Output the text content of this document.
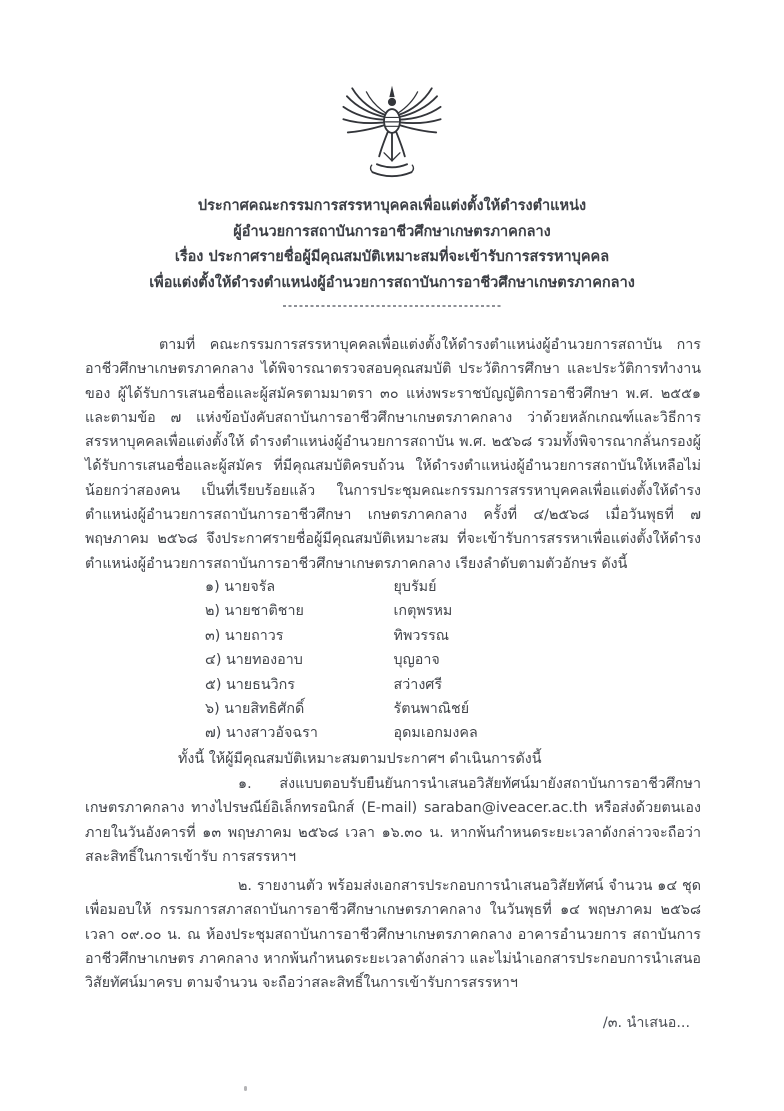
ประกาศคณะกรรมการสรรหาบุคคลเพื่อแต่งตั้งให้ดำรงตำแหน่ง
ผู้อำนวยการสถาบันการอาชีวศึกษาเกษตรภาคกลาง
เรื่อง ประกาศรายชื่อผู้มีคุณสมบัติเหมาะสมที่จะเข้ารับการสรรหาบุคคล
เพื่อแต่งตั้งให้ดำรงตำแหน่งผู้อำนวยการสถาบันการอาชีวศึกษาเกษตรภาคกลาง
ตามที่ คณะกรรมการสรรหาบุคคลเพื่อแต่งตั้งให้ดำรงตำแหน่งผู้อำนวยการสถาบัน การอาชีวศึกษาเกษตรภาคกลาง ได้พิจารณาตรวจสอบคุณสมบัติ ประวัติการศึกษา และประวัติการทำงานของ ผู้ได้รับการเสนอชื่อและผู้สมัครตามมาตรา ๓๐ แห่งพระราชบัญญัติการอาชีวศึกษา พ.ศ. ๒๕๕๑ และตามข้อ ๗ แห่งข้อบังคับสถาบันการอาชีวศึกษาเกษตรภาคกลาง ว่าด้วยหลักเกณฑ์และวิธีการสรรหาบุคคลเพื่อแต่งตั้งให้ ดำรงตำแหน่งผู้อำนวยการสถาบัน พ.ศ. ๒๕๖๘ รวมทั้งพิจารณากลั่นกรองผู้ได้รับการเสนอชื่อและผู้สมัคร ที่มีคุณสมบัติครบถ้วน ให้ดำรงตำแหน่งผู้อำนวยการสถาบันให้เหลือไม่น้อยกว่าสองคน เป็นที่เรียบร้อยแล้ว ในการประชุมคณะกรรมการสรรหาบุคคลเพื่อแต่งตั้งให้ดำรงตำแหน่งผู้อำนวยการสถาบันการอาชีวศึกษา เกษตรภาคกลาง ครั้งที่ ๔/๒๕๖๘ เมื่อวันพุธที่ ๗ พฤษภาคม ๒๕๖๘ จึงประกาศรายชื่อผู้มีคุณสมบัติเหมาะสม ที่จะเข้ารับการสรรหาเพื่อแต่งตั้งให้ดำรงตำแหน่งผู้อำนวยการสถาบันการอาชีวศึกษาเกษตรภาคกลาง เรียงลำดับตามตัวอักษร ดังนี้
๑) นายจรัล	ยุบรัมย์
๒) นายชาติชาย	เกตุพรหม
๓) นายถาวร	ทิพวรรณ
๔) นายทองอาบ	บุญอาจ
๕) นายธนวิกร	สว่างศรี
๖) นายสิทธิศักดิ์	รัตนพาณิชย์
๗) นางสาวอัจฉรา	อุดมเอกมงคล
ทั้งนี้ ให้ผู้มีคุณสมบัติเหมาะสมตามประกาศฯ ดำเนินการดังนี้
๑. ส่งแบบตอบรับยืนยันการนำเสนอวิสัยทัศน์มายังสถาบันการอาชีวศึกษาเกษตรภาคกลาง ทางไปรษณีย์อิเล็กทรอนิกส์ (E-mail) saraban@iveacer.ac.th หรือส่งด้วยตนเอง ภายในวันอังคารที่ ๑๓ พฤษภาคม ๒๕๖๘ เวลา ๑๖.๓๐ น. หากพ้นกำหนดระยะเวลาดังกล่าวจะถือว่าสละสิทธิ์ในการเข้ารับ การสรรหาฯ
๒. รายงานตัว พร้อมส่งเอกสารประกอบการนำเสนอวิสัยทัศน์ จำนวน ๑๔ ชุด เพื่อมอบให้ กรรมการสภาสถาบันการอาชีวศึกษาเกษตรภาคกลาง ในวันพุธที่ ๑๔ พฤษภาคม ๒๕๖๘ เวลา ๐๙.๐๐ น. ณ ห้องประชุมสถาบันการอาชีวศึกษาเกษตรภาคกลาง อาคารอำนวยการ สถาบันการอาชีวศึกษาเกษตร ภาคกลาง หากพ้นกำหนดระยะเวลาดังกล่าว และไม่นำเอกสารประกอบการนำเสนอวิสัยทัศน์มาครบ ตามจำนวน จะถือว่าสละสิทธิ์ในการเข้ารับการสรรหาฯ
/๓. นำเสนอ...
